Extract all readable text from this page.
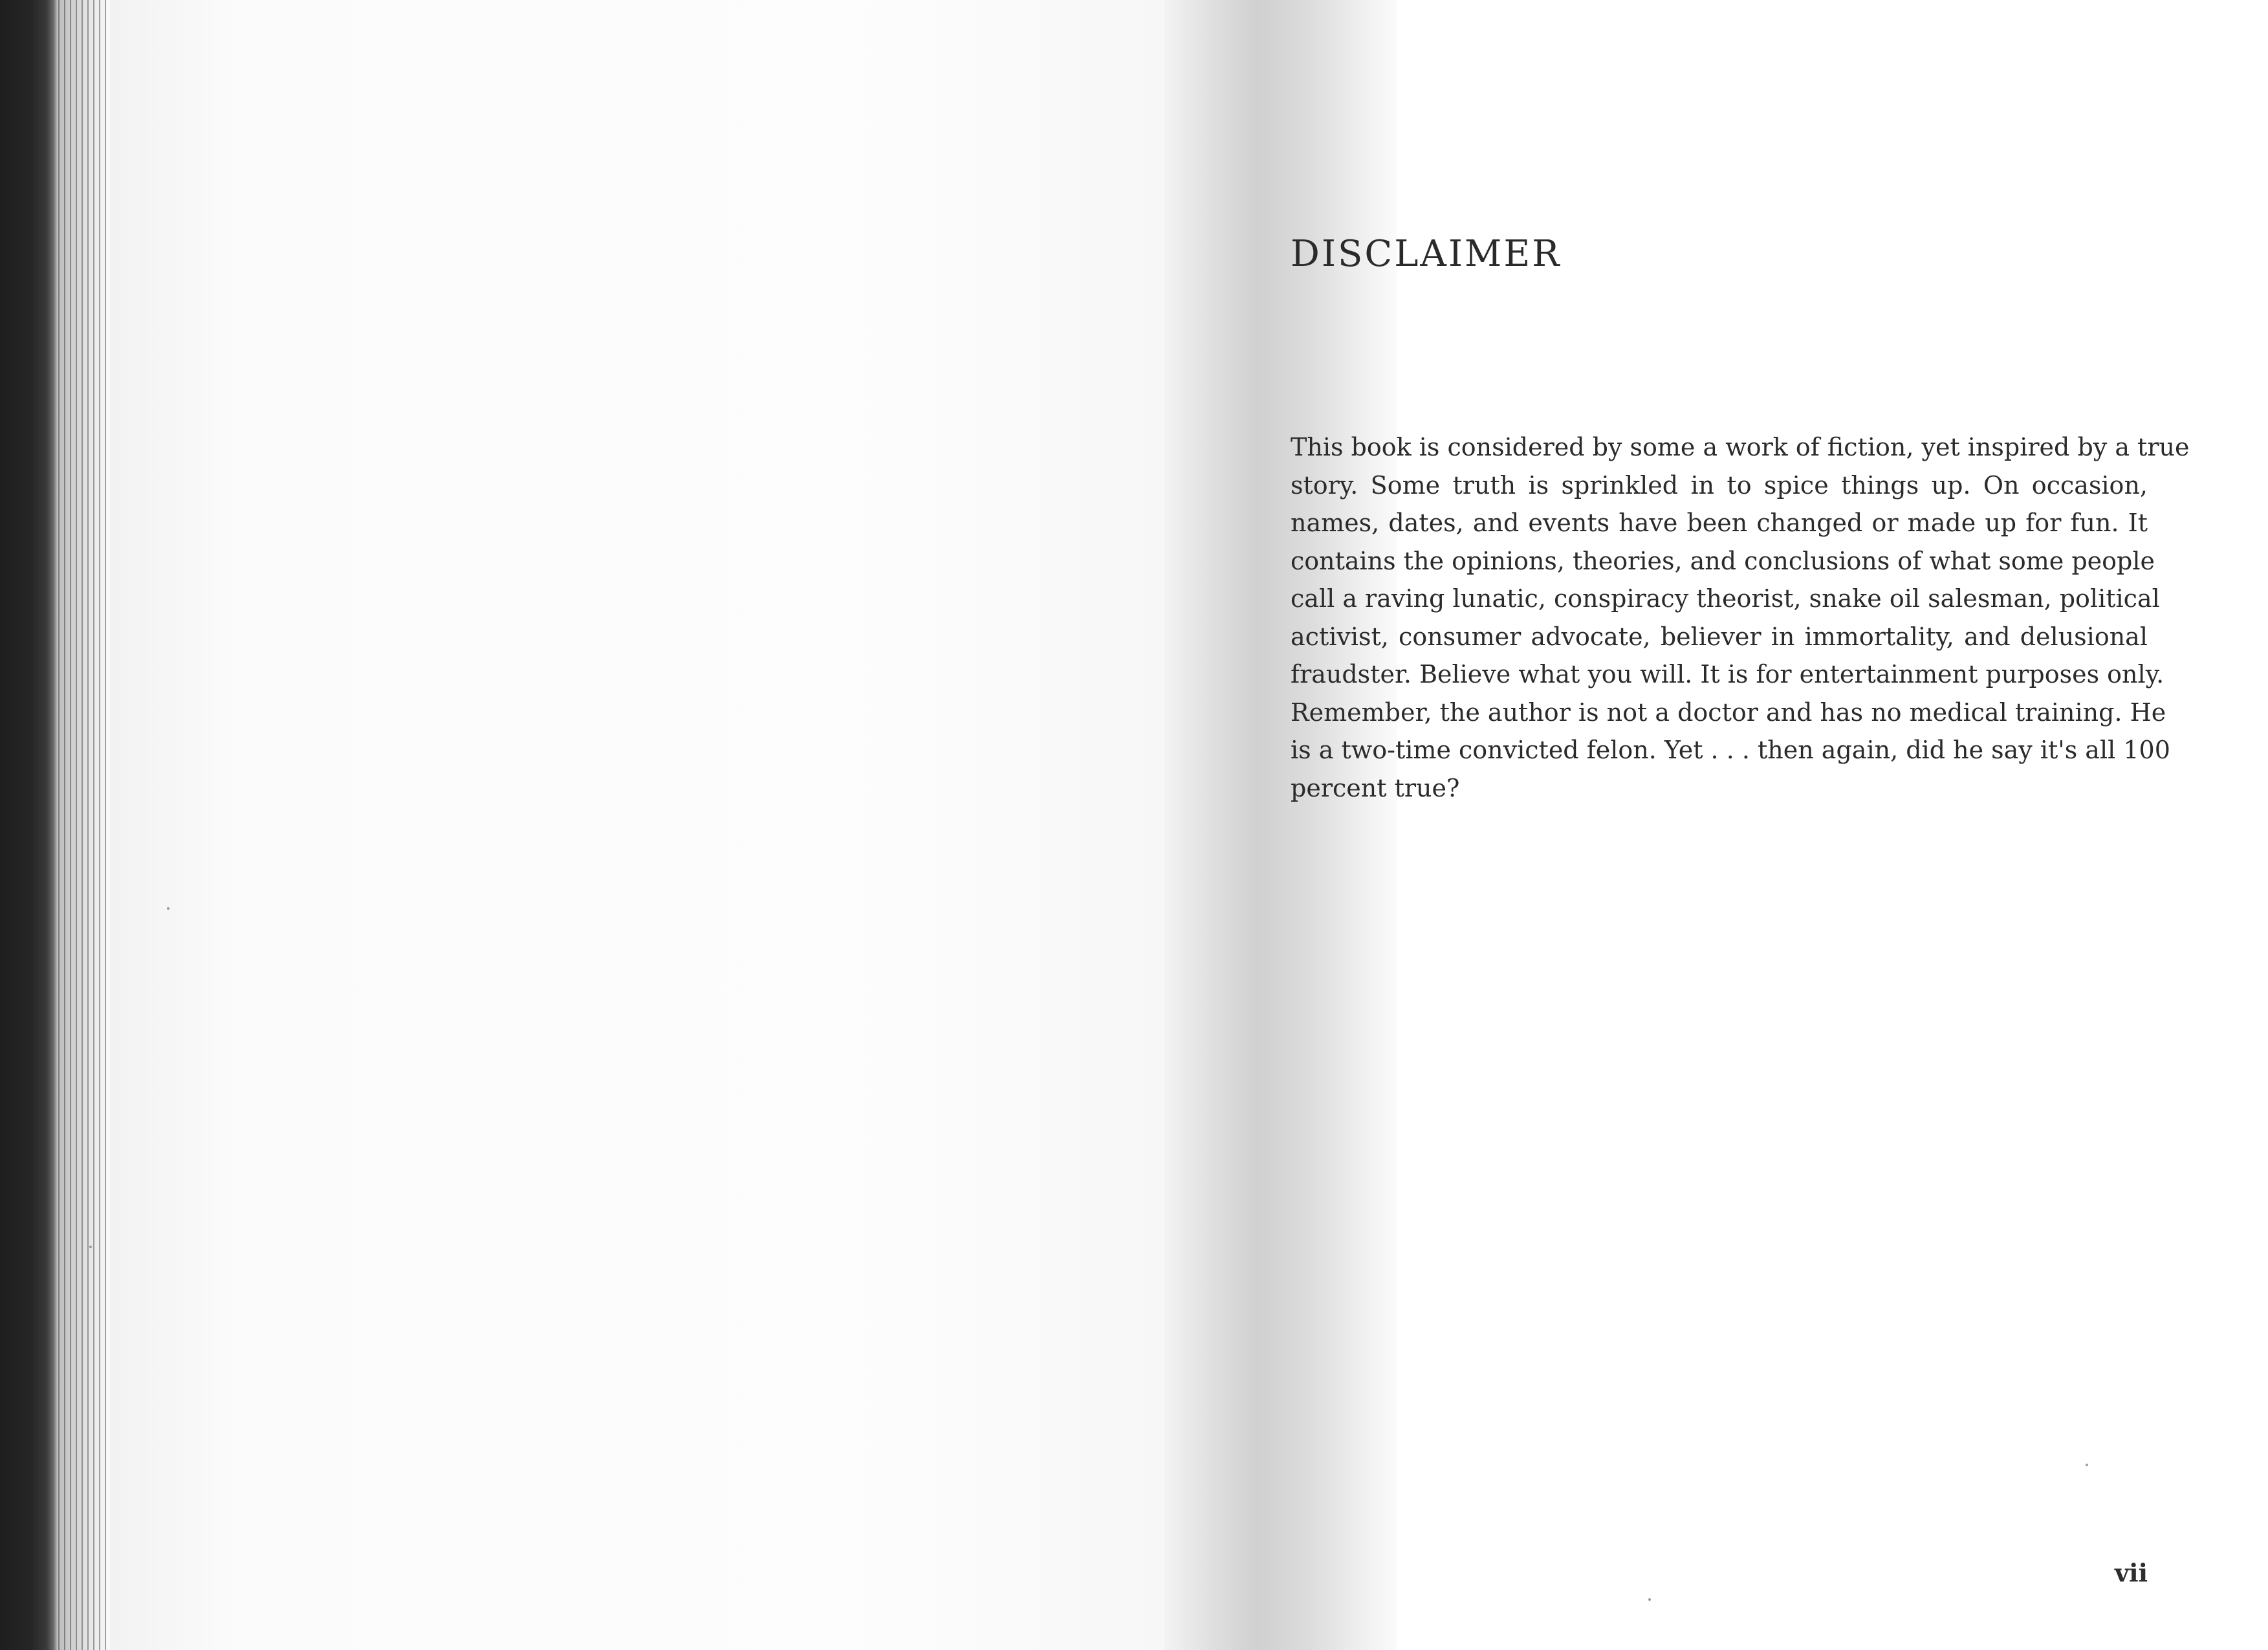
DISCLAIMER

This book is considered by some a work of fiction, yet inspired by a true
story. Some truth is sprinkled in to spice things up. On occasion,
names, dates, and events have been changed or made up for fun. It
contains the opinions, theories, and conclusions of what some people
call a raving lunatic, conspiracy theorist, snake oil salesman, political
activist, consumer advocate, believer in immortality, and delusional
fraudster. Believe what you will. It is for entertainment purposes only.
Remember, the author is not a doctor and has no medical training. He
is a two-time convicted felon. Yet . . . then again, did he say it's all 100
percent true?

vii
